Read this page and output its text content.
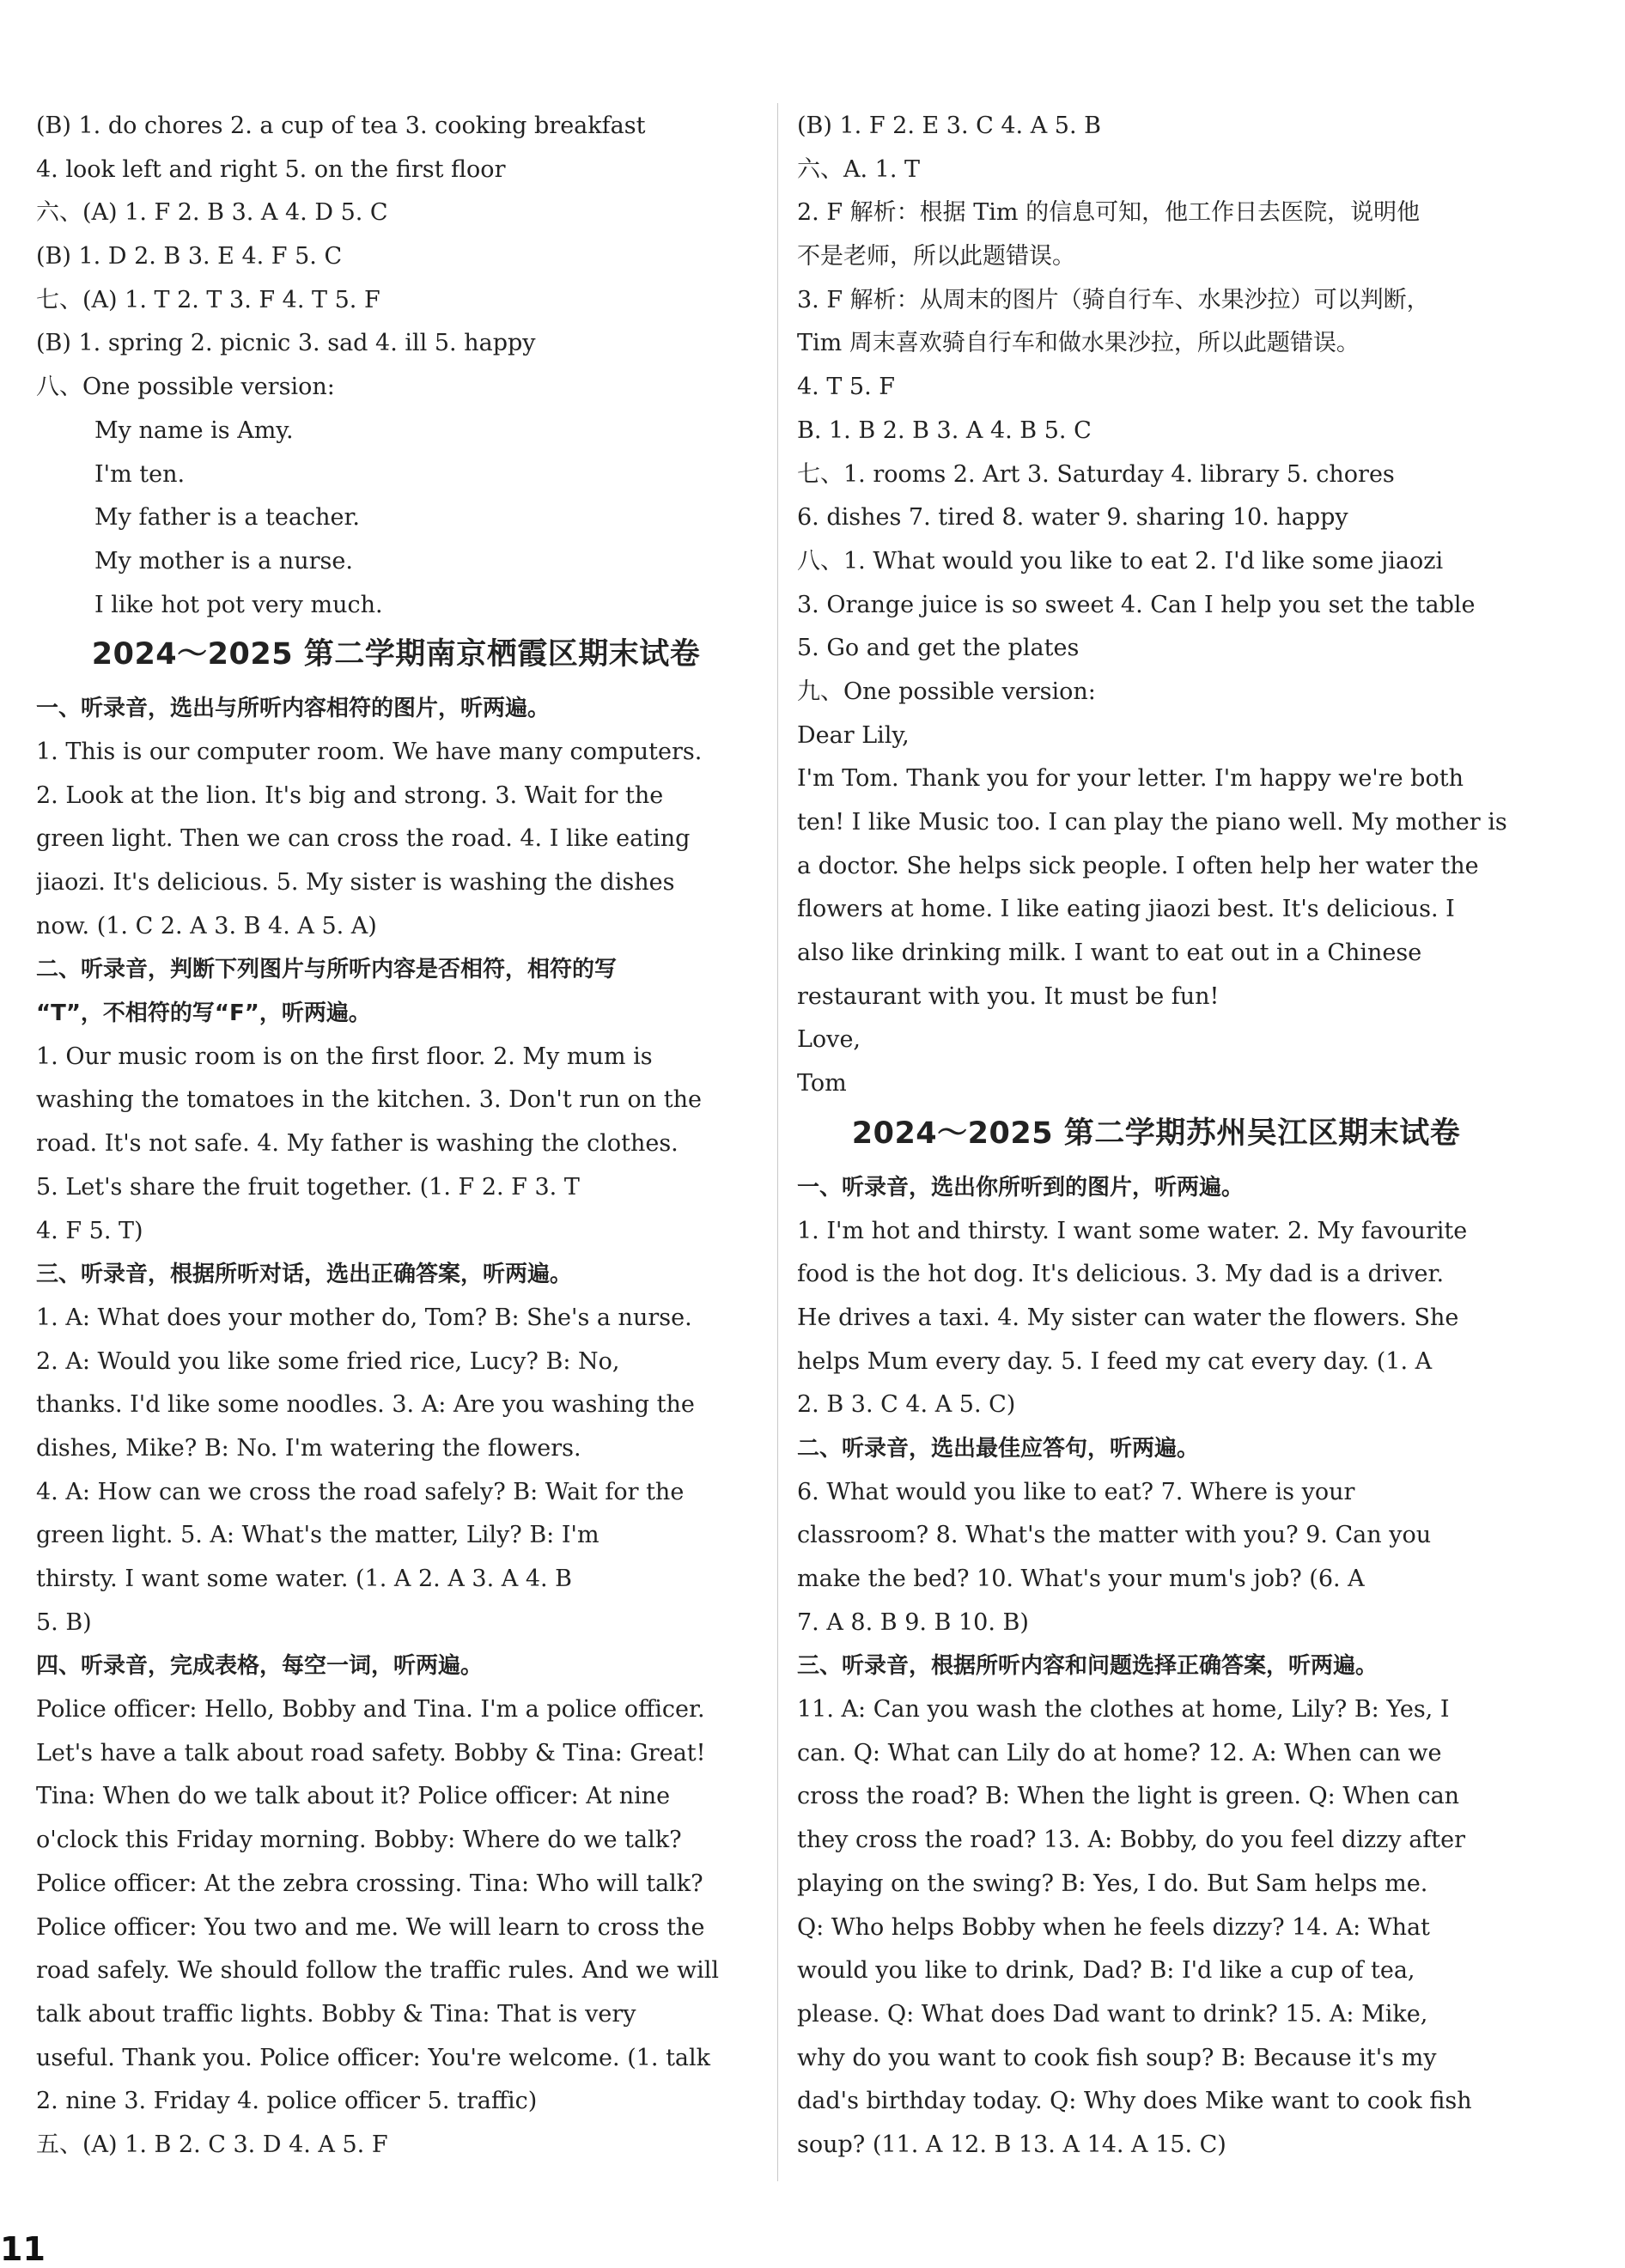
(B) 1. do chores 2. a cup of tea 3. cooking breakfast
4. look left and right 5. on the first floor
六、(A) 1. F 2. B 3. A 4. D 5. C
(B) 1. D 2. B 3. E 4. F 5. C
七、(A) 1. T 2. T 3. F 4. T 5. F
(B) 1. spring 2. picnic 3. sad 4. ill 5. happy
八、One possible version:
My name is Amy.
I'm ten.
My father is a teacher.
My mother is a nurse.
I like hot pot very much.
2024～2025 第二学期南京栖霞区期末试卷
一、听录音，选出与所听内容相符的图片，听两遍。
1. This is our computer room. We have many computers.
2. Look at the lion. It's big and strong. 3. Wait for the
green light. Then we can cross the road. 4. I like eating
jiaozi. It's delicious. 5. My sister is washing the dishes
now. (1. C 2. A 3. B 4. A 5. A)
二、听录音，判断下列图片与所听内容是否相符，相符的写
“T”，不相符的写“F”，听两遍。
1. Our music room is on the first floor. 2. My mum is
washing the tomatoes in the kitchen. 3. Don't run on the
road. It's not safe. 4. My father is washing the clothes.
5. Let's share the fruit together. (1. F 2. F 3. T
4. F 5. T)
三、听录音，根据所听对话，选出正确答案，听两遍。
1. A: What does your mother do, Tom? B: She's a nurse.
2. A: Would you like some fried rice, Lucy? B: No,
thanks. I'd like some noodles. 3. A: Are you washing the
dishes, Mike? B: No. I'm watering the flowers.
4. A: How can we cross the road safely? B: Wait for the
green light. 5. A: What's the matter, Lily? B: I'm
thirsty. I want some water. (1. A 2. A 3. A 4. B
5. B)
四、听录音，完成表格，每空一词，听两遍。
Police officer: Hello, Bobby and Tina. I'm a police officer.
Let's have a talk about road safety. Bobby & Tina: Great!
Tina: When do we talk about it? Police officer: At nine
o'clock this Friday morning. Bobby: Where do we talk?
Police officer: At the zebra crossing. Tina: Who will talk?
Police officer: You two and me. We will learn to cross the
road safely. We should follow the traffic rules. And we will
talk about traffic lights. Bobby & Tina: That is very
useful. Thank you. Police officer: You're welcome. (1. talk
2. nine 3. Friday 4. police officer 5. traffic)
五、(A) 1. B 2. C 3. D 4. A 5. F
(B) 1. F 2. E 3. C 4. A 5. B
六、A. 1. T
2. F 解析：根据 Tim 的信息可知，他工作日去医院，说明他
不是老师，所以此题错误。
3. F 解析：从周末的图片（骑自行车、水果沙拉）可以判断，
Tim 周末喜欢骑自行车和做水果沙拉，所以此题错误。
4. T 5. F
B. 1. B 2. B 3. A 4. B 5. C
七、1. rooms 2. Art 3. Saturday 4. library 5. chores
6. dishes 7. tired 8. water 9. sharing 10. happy
八、1. What would you like to eat 2. I'd like some jiaozi
3. Orange juice is so sweet 4. Can I help you set the table
5. Go and get the plates
九、One possible version:
Dear Lily,
I'm Tom. Thank you for your letter. I'm happy we're both
ten! I like Music too. I can play the piano well. My mother is
a doctor. She helps sick people. I often help her water the
flowers at home. I like eating jiaozi best. It's delicious. I
also like drinking milk. I want to eat out in a Chinese
restaurant with you. It must be fun!
Love,
Tom
2024～2025 第二学期苏州吴江区期末试卷
一、听录音，选出你所听到的图片，听两遍。
1. I'm hot and thirsty. I want some water. 2. My favourite
food is the hot dog. It's delicious. 3. My dad is a driver.
He drives a taxi. 4. My sister can water the flowers. She
helps Mum every day. 5. I feed my cat every day. (1. A
2. B 3. C 4. A 5. C)
二、听录音，选出最佳应答句，听两遍。
6. What would you like to eat? 7. Where is your
classroom? 8. What's the matter with you? 9. Can you
make the bed? 10. What's your mum's job? (6. A
7. A 8. B 9. B 10. B)
三、听录音，根据所听内容和问题选择正确答案，听两遍。
11. A: Can you wash the clothes at home, Lily? B: Yes, I
can. Q: What can Lily do at home? 12. A: When can we
cross the road? B: When the light is green. Q: When can
they cross the road? 13. A: Bobby, do you feel dizzy after
playing on the swing? B: Yes, I do. But Sam helps me.
Q: Who helps Bobby when he feels dizzy? 14. A: What
would you like to drink, Dad? B: I'd like a cup of tea,
please. Q: What does Dad want to drink? 15. A: Mike,
why do you want to cook fish soup? B: Because it's my
dad's birthday today. Q: Why does Mike want to cook fish
soup? (11. A 12. B 13. A 14. A 15. C)
11
